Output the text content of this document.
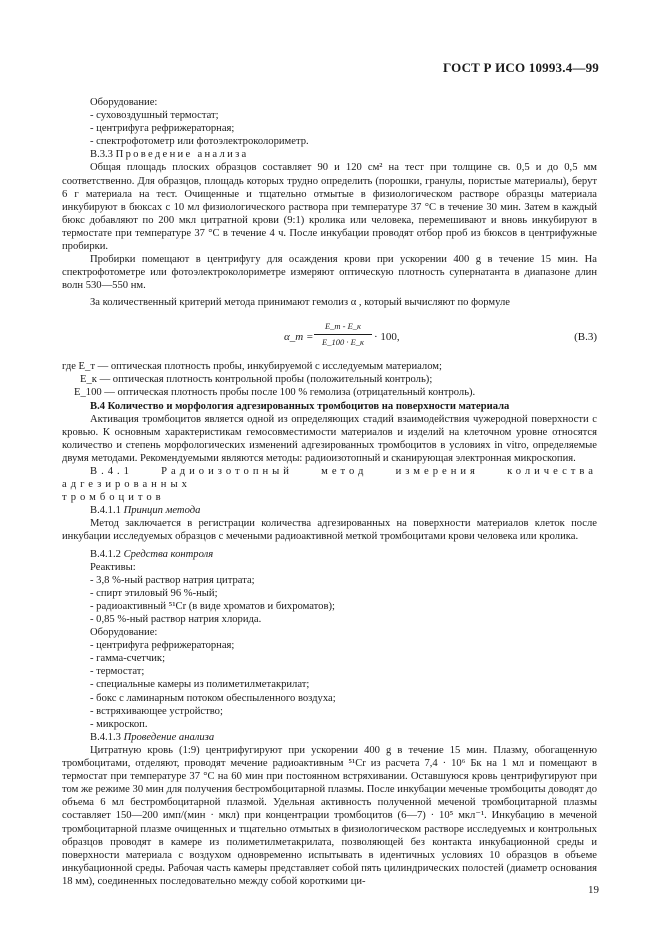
ГОСТ Р ИСО 10993.4—99

Оборудование:

- суховоздушный термостат;

- центрифуга рефрижераторная;

- спектрофотометр или фотоэлектроколориметр.

В.3.3 Проведение анализа

Общая площадь плоских образцов составляет 90 и 120 см² на тест при толщине св. 0,5 и до 0,5 мм соответственно. Для образцов, площадь которых трудно определить (порошки, гранулы, пористые материалы), берут 6 г материала на тест. Очищенные и тщательно отмытые в физиологическом растворе образцы материала инкубируют в бюксах с 10 мл физиологического раствора при температуре 37 °С в течение 30 мин. Затем в каждый бюкс добавляют по 200 мкл цитратной крови (9:1) кролика или человека, перемешивают и вновь инкубируют в термостате при температуре 37 °С в течение 4 ч. После инкубации проводят отбор проб из бюксов в центрифужные пробирки.

Пробирки помещают в центрифугу для осаждения крови при ускорении 400 g в течение 15 мин. На спектрофотометре или фотоэлектроколориметре измеряют оптическую плотность супернатанта в диапазоне длин волн 530—550 нм.

За количественный критерий метода принимают гемолиз α , который вычисляют по формуле

α_т =
E_т - E_к
E_100 · E_к · 100,	(В.3)
где E_т — оптическая плотность пробы, инкубируемой с исследуемым материалом;
E_к — оптическая плотность контрольной пробы (положительный контроль);
E_100 — оптическая плотность пробы после 100 % гемолиза (отрицательный контроль).

В.4 Количество и морфология адгезированных тромбоцитов на поверхности материала

Активация тромбоцитов является одной из определяющих стадий взаимодействия чужеродной поверхности с кровью. К основным характеристикам гемосовместимости материалов и изделий на клеточном уровне относятся количество и степень морфологических изменений адгезированных тромбоцитов в условиях in vitro, определяемые двумя методами. Рекомендуемыми являются методы: радиоизотопный и сканирующая электронная микроскопия.

В.4.1 Радиоизотопный метод измерения количества адгезированных

тромбоцитов

В.4.1.1 Принцип метода

Метод заключается в регистрации количества адгезированных на поверхности материалов клеток после инкубации исследуемых образцов с мечеными радиоактивной меткой тромбоцитами крови человека или кролика.

В.4.1.2 Средства контроля

Реактивы:

- 3,8 %-ный раствор натрия цитрата;

- спирт этиловый 96 %-ный;

- радиоактивный ⁵¹Cr (в виде хроматов и бихроматов);

- 0,85 %-ный раствор натрия хлорида.

Оборудование:

- центрифуга рефрижераторная;

- гамма-счетчик;

- термостат;

- специальные камеры из полиметилметакрилат;

- бокс с ламинарным потоком обеспыленного воздуха;

- встряхивающее устройство;

- микроскоп.

В.4.1.3 Проведение анализа

Цитратную кровь (1:9) центрифугируют при ускорении 400 g в течение 15 мин. Плазму, обогащенную тромбоцитами, отделяют, проводят мечение радиоактивным ⁵¹Cr из расчета 7,4 · 10⁶ Бк на 1 мл и помещают в термостат при температуре 37 °С на 60 мин при постоянном встряхивании. Оставшуюся кровь центрифугируют при том же режиме 30 мин для получения бестромбоцитарной плазмы. После инкубации меченые тромбоциты доводят до объема 6 мл бестромбоцитарной плазмой. Удельная активность полученной меченой тромбоцитарной плазмы составляет 150—200 имп/(мин · мкл) при концентрации тромбоцитов (6—7) · 10⁵ мкл⁻¹. Инкубацию в меченой тромбоцитарной плазме очищенных и тщательно отмытых в физиологическом растворе исследуемых и контрольных образцов проводят в камере из полиметилметакрилата, позволяющей без контакта инкубационной среды и поверхности материала с воздухом одновременно испытывать в идентичных условиях 10 образцов в объеме инкубационной среды. Рабочая часть камеры представляет собой пять цилиндрических полостей (диаметр основания 18 мм), соединенных последовательно между собой короткими ци-

19
